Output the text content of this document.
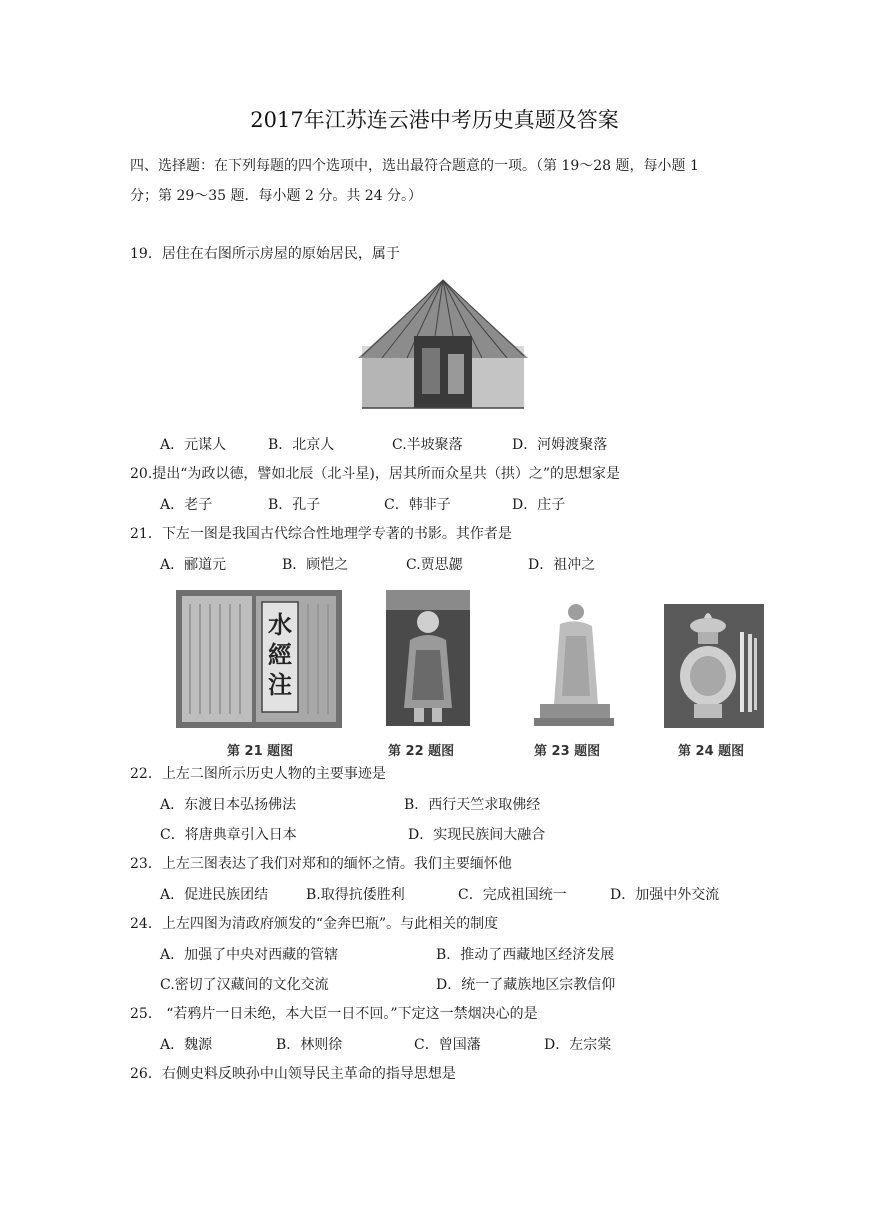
2017年江苏连云港中考历史真题及答案
四、选择题：在下列每题的四个选项中，选出最符合题意的一项。（第 19～28 题，每小题 1
分；第 29～35 题．每小题 2 分。共 24 分。）
19．居住在右图所示房屋的原始居民，属于
A．元谋人	B．北京人	C.半坡聚落	D．河姆渡聚落
20.提出“为政以德，譬如北辰（北斗星)，居其所而众星共（拱）之”的思想家是
A．老子	B．孔子	C．韩非子	D．庄子
21．下左一图是我国古代综合性地理学专著的书影。其作者是
A．郦道元	B．顾恺之	C.贾思勰	D．祖冲之
水經注
第 21 题图	第 22 题图	第 23 题图	第 24 题图
22．上左二图所示历史人物的主要事迹是
A．东渡日本弘扬佛法	B．西行天竺求取佛经
C．将唐典章引入日本	D．实现民族间大融合
23．上左三图表达了我们对郑和的缅怀之情。我们主要缅怀他
A．促进民族团结	B.取得抗倭胜利	C．完成祖国统一	D．加强中外交流
24．上左四图为清政府颁发的“金奔巴瓶”。与此相关的制度
A．加强了中央对西藏的管辖	B．推动了西藏地区经济发展
C.密切了汉藏间的文化交流	D．统一了藏族地区宗教信仰
25． “若鸦片一日未绝，本大臣一日不回。”下定这一禁烟决心的是
A．魏源	B．林则徐	C．曾国藩	D．左宗棠
26．右侧史料反映孙中山领导民主革命的指导思想是
